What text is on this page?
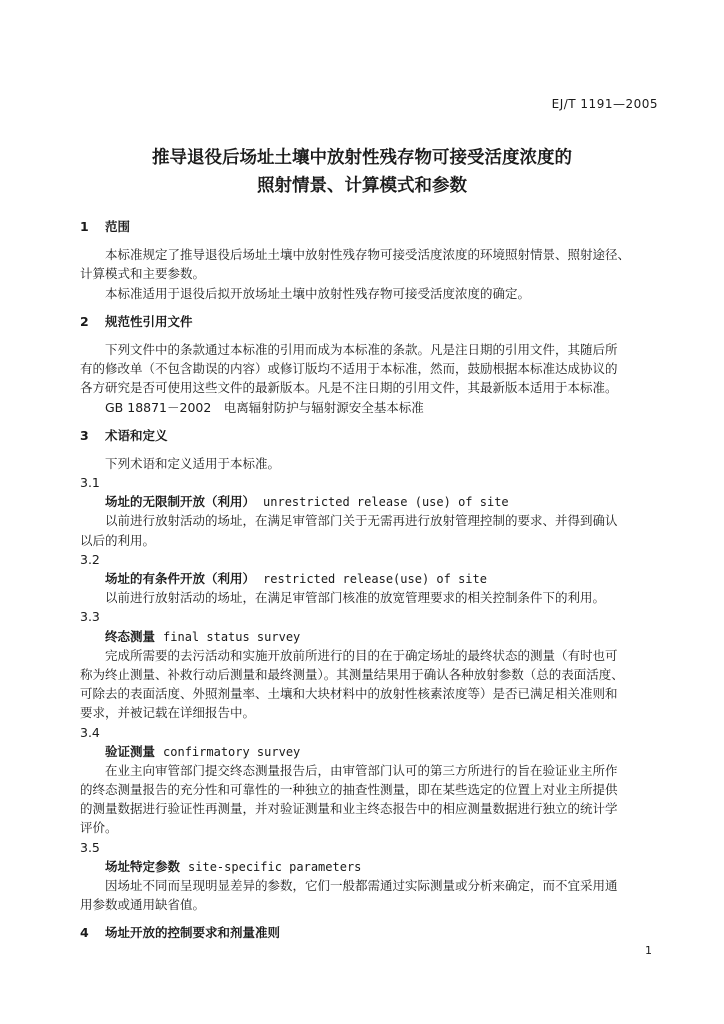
EJ/T 1191—2005
推导退役后场址土壤中放射性残存物可接受活度浓度的
照射情景、计算模式和参数
1 范围
本标准规定了推导退役后场址土壤中放射性残存物可接受活度浓度的环境照射情景、照射途径、
计算模式和主要参数。
本标准适用于退役后拟开放场址土壤中放射性残存物可接受活度浓度的确定。
2 规范性引用文件
下列文件中的条款通过本标准的引用而成为本标准的条款。凡是注日期的引用文件，其随后所
有的修改单（不包含勘误的内容）或修订版均不适用于本标准，然而，鼓励根据本标准达成协议的
各方研究是否可使用这些文件的最新版本。凡是不注日期的引用文件，其最新版本适用于本标准。
GB 18871－2002　电离辐射防护与辐射源安全基本标准
3 术语和定义
下列术语和定义适用于本标准。
3.1
场址的无限制开放（利用） unrestricted release (use) of site
以前进行放射活动的场址，在满足审管部门关于无需再进行放射管理控制的要求、并得到确认
以后的利用。
3.2
场址的有条件开放（利用） restricted release(use) of site
以前进行放射活动的场址，在满足审管部门核准的放宽管理要求的相关控制条件下的利用。
3.3
终态测量 final status survey
完成所需要的去污活动和实施开放前所进行的目的在于确定场址的最终状态的测量（有时也可
称为终止测量、补救行动后测量和最终测量）。其测量结果用于确认各种放射参数（总的表面活度、
可除去的表面活度、外照剂量率、土壤和大块材料中的放射性核素浓度等）是否已满足相关准则和
要求，并被记载在详细报告中。
3.4
验证测量 confirmatory survey
在业主向审管部门提交终态测量报告后，由审管部门认可的第三方所进行的旨在验证业主所作
的终态测量报告的充分性和可靠性的一种独立的抽查性测量，即在某些选定的位置上对业主所提供
的测量数据进行验证性再测量，并对验证测量和业主终态报告中的相应测量数据进行独立的统计学
评价。
3.5
场址特定参数 site-specific parameters
因场址不同而呈现明显差异的参数，它们一般都需通过实际测量或分析来确定，而不宜采用通
用参数或通用缺省值。
4 场址开放的控制要求和剂量准则
1
